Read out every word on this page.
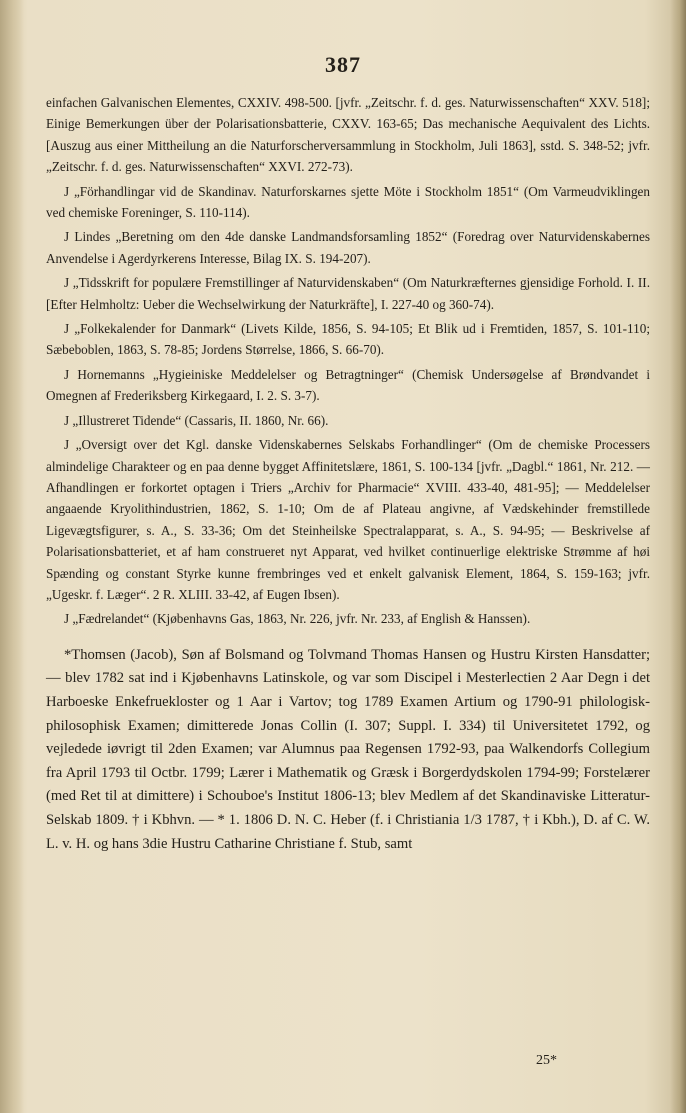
387

einfachen Galvanischen Elementes, CXXIV. 498-500. [jvfr. „Zeitschr. f. d. ges. Naturwissenschaften“ XXV. 518]; Einige Bemerkungen über der Polarisationsbatterie, CXXV. 163-65; Das mechanische Aequivalent des Lichts. [Auszug aus einer Mittheilung an die Naturforscherversammlung in Stockholm, Juli 1863], sstd. S. 348-52; jvfr. „Zeitschr. f. d. ges. Naturwissenschaften“ XXVI. 272-73).

J „Förhandlingar vid de Skandinav. Naturforskarnes sjette Möte i Stockholm 1851“ (Om Varmeudviklingen ved chemiske Foreninger, S. 110-114).

J Lindes „Beretning om den 4de danske Landmandsforsamling 1852“ (Foredrag over Naturvidenskabernes Anvendelse i Agerdyrkerens Interesse, Bilag IX. S. 194-207).

J „Tidsskrift for populære Fremstillinger af Naturvidenskaben“ (Om Naturkræfternes gjensidige Forhold. I. II. [Efter Helmholtz: Ueber die Wechselwirkung der Naturkräfte], I. 227-40 og 360-74).

J „Folkekalender for Danmark“ (Livets Kilde, 1856, S. 94-105; Et Blik ud i Fremtiden, 1857, S. 101-110; Sæbeboblen, 1863, S. 78-85; Jordens Størrelse, 1866, S. 66-70).

J Hornemanns „Hygieiniske Meddelelser og Betragtninger“ (Chemisk Undersøgelse af Brøndvandet i Omegnen af Frederiksberg Kirkegaard, I. 2. S. 3-7).

J „Illustreret Tidende“ (Cassaris, II. 1860, Nr. 66).

J „Oversigt over det Kgl. danske Videnskabernes Selskabs Forhandlinger“ (Om de chemiske Processers almindelige Charakteer og en paa denne bygget Affinitetslære, 1861, S. 100-134 [jvfr. „Dagbl.“ 1861, Nr. 212. — Afhandlingen er forkortet optagen i Triers „Archiv for Pharmacie“ XVIII. 433-40, 481-95]; — Meddelelser angaaende Kryolithindustrien, 1862, S. 1-10; Om de af Plateau angivne, af Vædskehinder fremstillede Ligevægtsfigurer, s. A., S. 33-36; Om det Steinheilske Spectralapparat, s. A., S. 94-95; — Beskrivelse af Polarisationsbatteriet, et af ham construeret nyt Apparat, ved hvilket continuerlige elektriske Strømme af høi Spænding og constant Styrke kunne frembringes ved et enkelt galvanisk Element, 1864, S. 159-163; jvfr. „Ugeskr. f. Læger“. 2 R. XLIII. 33-42, af Eugen Ibsen).

J „Fædrelandet“ (Kjøbenhavns Gas, 1863, Nr. 226, jvfr. Nr. 233, af English & Hanssen).

*Thomsen (Jacob), Søn af Bolsmand og Tolvmand Thomas Hansen og Hustru Kirsten Hansdatter; — blev 1782 sat ind i Kjøbenhavns Latinskole, og var som Discipel i Mesterlectien 2 Aar Degn i det Harboeske Enkefruekloster og 1 Aar i Vartov; tog 1789 Examen Artium og 1790-91 philologisk-philosophisk Examen; dimitterede Jonas Collin (I. 307; Suppl. I. 334) til Universitetet 1792, og vejledede iøvrigt til 2den Examen; var Alumnus paa Regensen 1792-93, paa Walkendorfs Collegium fra April 1793 til Octbr. 1799; Lærer i Mathematik og Græsk i Borgerdydskolen 1794-99; Forstelærer (med Ret til at dimittere) i Schouboe's Institut 1806-13; blev Medlem af det Skandinaviske Litteratur-Selskab 1809. † i Kbhvn. — * 1. 1806 D. N. C. Heber (f. i Christiania 1/3 1787, † i Kbh.), D. af C. W. L. v. H. og hans 3die Hustru Catharine Christiane f. Stub, samt

25*
